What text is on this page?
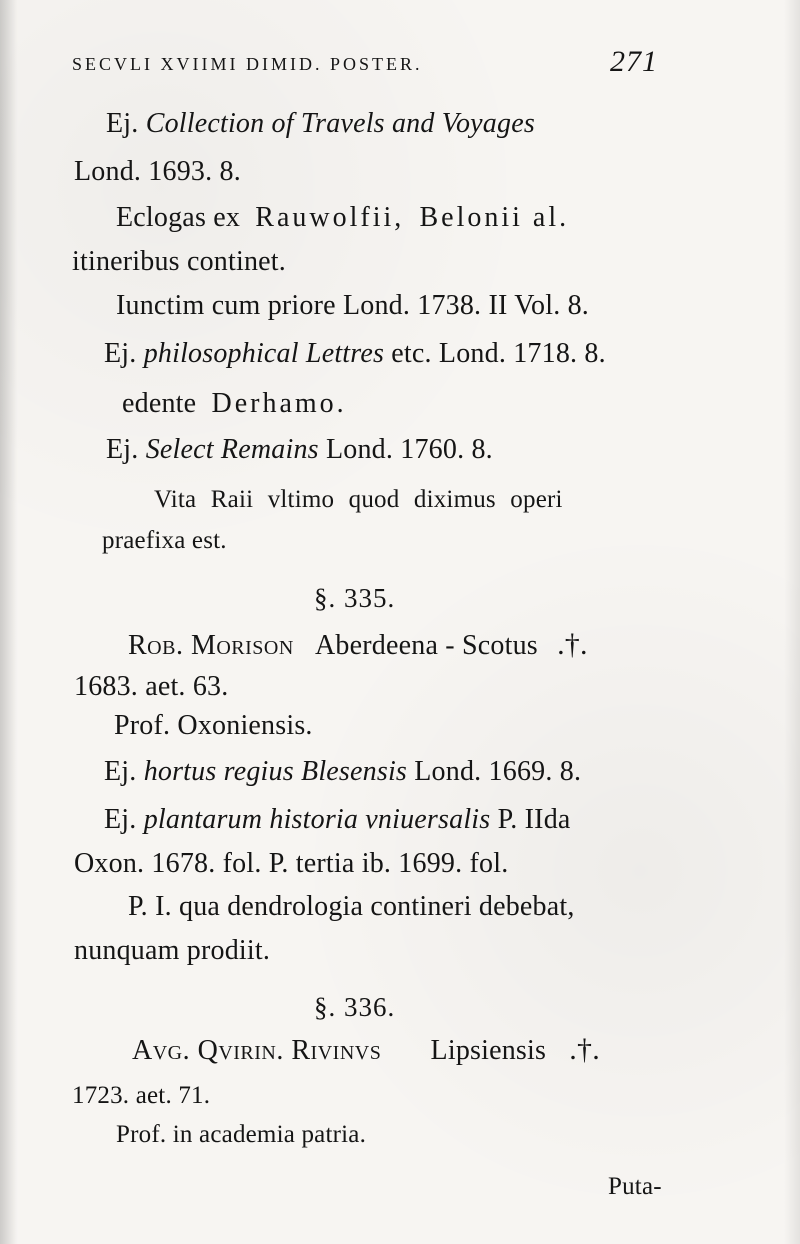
SECVLI XVIIMI DIMID. POSTER.	271
Ej. Collection of Travels and Voyages
Lond. 1693. 8.
Eclogas ex Rauwolfii, Belonii al.
itineribus continet.
Iunctim cum priore Lond. 1738. II Vol. 8.
Ej. philosophical Lettres etc. Lond. 1718. 8.
edente Derhamo.
Ej. Select Remains Lond. 1760. 8.
Vita Raii vltimo quod diximus operi
praefixa est.
§. 335.
Rob. Morison Aberdeena - Scotus .†.
1683. aet. 63.
Prof. Oxoniensis.
Ej. hortus regius Blesensis Lond. 1669. 8.
Ej. plantarum historia vniuersalis P. IIda
Oxon. 1678. fol. P. tertia ib. 1699. fol.
P. I. qua dendrologia contineri debebat,
nunquam prodiit.
§. 336.
Avg. Qvirin. Rivinvs Lipsiensis .†.
1723. aet. 71.
Prof. in academia patria.
Puta-
